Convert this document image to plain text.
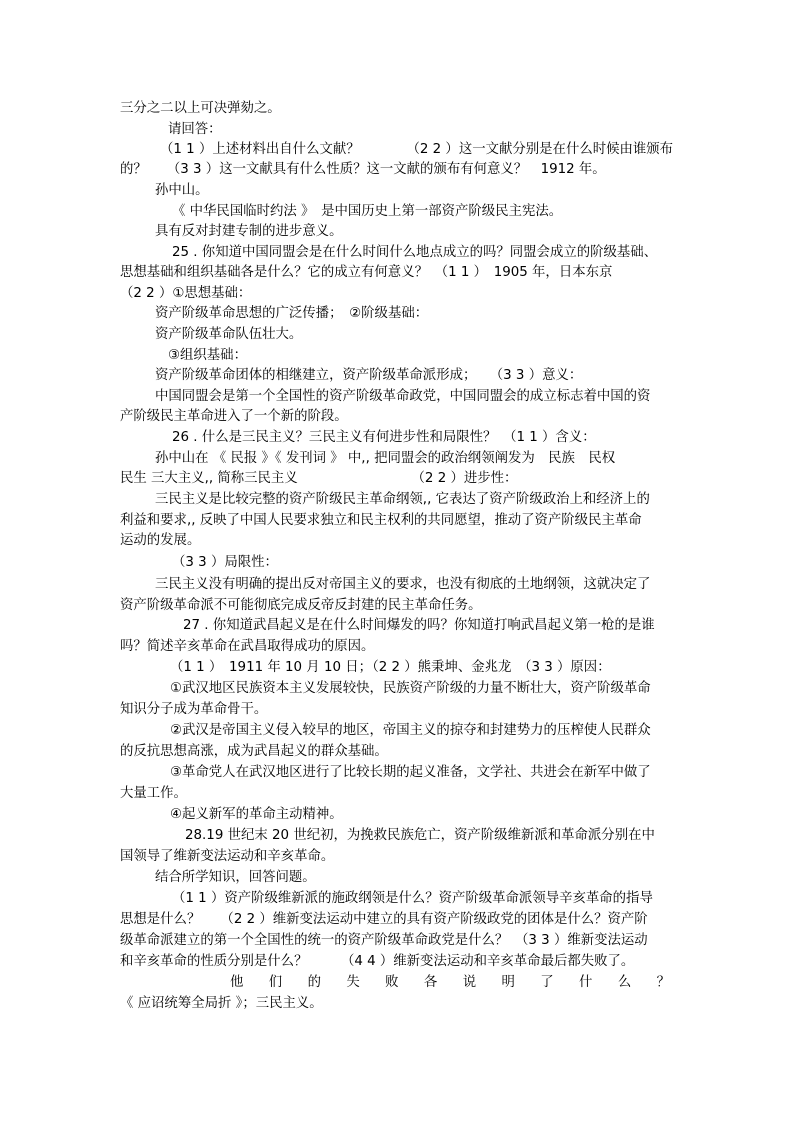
三分之二以上可决弹劾之。
请回答：
（1 1 ）上述材料出自什么文献？　　　　（2 2 ）这一文献分别是在什么时候由谁颁布
的？　　（3 3 ）这一文献具有什么性质？这一文献的颁布有何意义？　1912 年。
孙中山。
《 中华民国临时约法 》　是中国历史上第一部资产阶级民主宪法。
具有反对封建专制的进步意义。
25 . 你知道中国同盟会是在什么时间什么地点成立的吗？同盟会成立的阶级基础、
思想基础和组织基础各是什么？它的成立有何意义？　（1 1 ）　1905 年，日本东京
（2 2 ）①思想基础：
资产阶级革命思想的广泛传播；　②阶级基础：
资产阶级革命队伍壮大。
③组织基础：
资产阶级革命团体的相继建立，资产阶级革命派形成；　　（3 3 ）意义：
中国同盟会是第一个全国性的资产阶级革命政党，中国同盟会的成立标志着中国的资
产阶级民主革命进入了一个新的阶段。
26 . 什么是三民主义？三民主义有何进步性和局限性？　（1 1 ）含义：
孙中山在 《 民报 》《 发刊词 》 中,, 把同盟会的政治纲领阐发为　民族　民权
民生 三大主义,, 简称三民主义　　　　　　　　　（2 2 ）进步性：
三民主义是比较完整的资产阶级民主革命纲领,, 它表达了资产阶级政治上和经济上的
利益和要求,, 反映了中国人民要求独立和民主权利的共同愿望，推动了资产阶级民主革命
运动的发展。
（3 3 ）局限性：
三民主义没有明确的提出反对帝国主义的要求，也没有彻底的土地纲领，这就决定了
资产阶级革命派不可能彻底完成反帝反封建的民主革命任务。
27 . 你知道武昌起义是在什么时间爆发的吗？你知道打响武昌起义第一枪的是谁
吗？简述辛亥革命在武昌取得成功的原因。
（1 1 ）　1911 年 10 月 10 日；（2 2 ）熊秉坤、金兆龙　（3 3 ）原因：
①武汉地区民族资本主义发展较快，民族资产阶级的力量不断壮大，资产阶级革命
知识分子成为革命骨干。
②武汉是帝国主义侵入较早的地区，帝国主义的掠夺和封建势力的压榨使人民群众
的反抗思想高涨，成为武昌起义的群众基础。
③革命党人在武汉地区进行了比较长期的起义准备，文学社、共进会在新军中做了
大量工作。
④起义新军的革命主动精神。
28.19 世纪末 20 世纪初，为挽救民族危亡，资产阶级维新派和革命派分别在中
国领导了维新变法运动和辛亥革命。
结合所学知识，回答问题。
（1 1 ）资产阶级维新派的施政纲领是什么？资产阶级革命派领导辛亥革命的指导
思想是什么？　　（2 2 ）维新变法运动中建立的具有资产阶级政党的团体是什么？资产阶
级革命派建立的第一个全国性的统一的资产阶级革命政党是什么？　（3 3 ）维新变法运动
和辛亥革命的性质分别是什么？　　　（4 4 ）维新变法运动和辛亥革命最后都失败了。
他 们 的 失 败 各 说 明 了 什 么 ？
《 应诏统筹全局折 》；三民主义。
